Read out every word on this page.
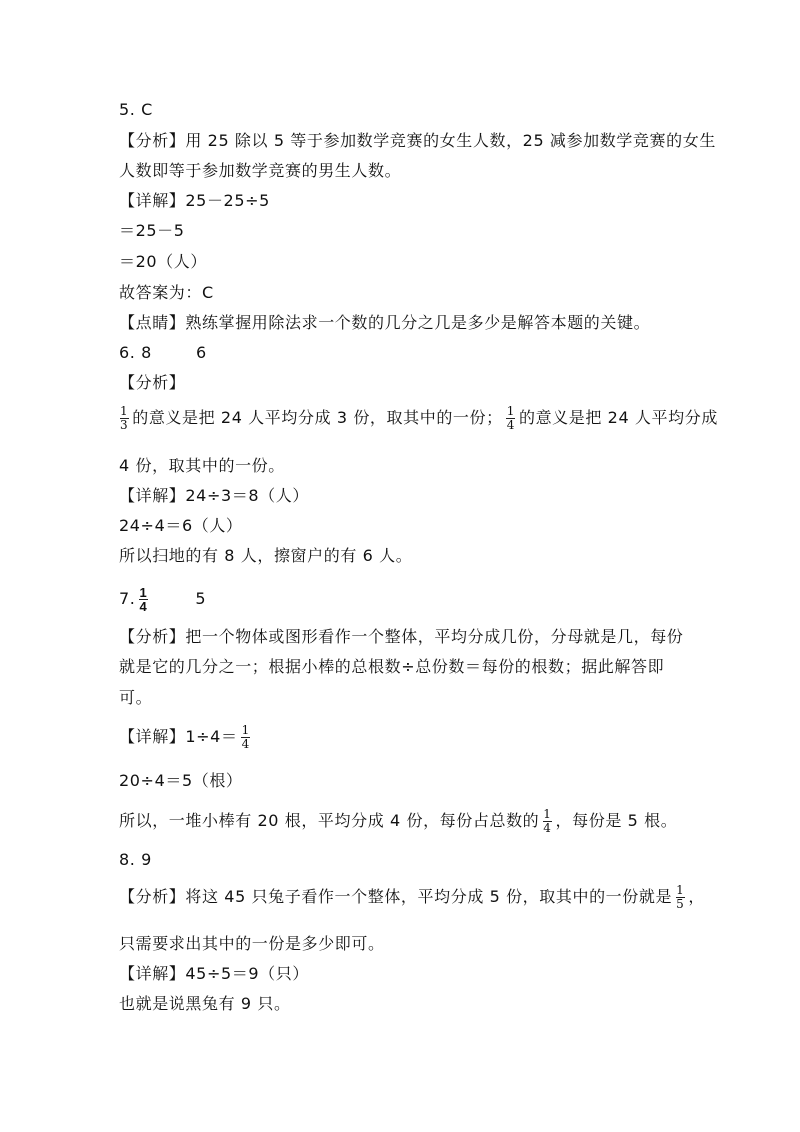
5. C
【分析】用 25 除以 5 等于参加数学竞赛的女生人数，25 减参加数学竞赛的女生
人数即等于参加数学竞赛的男生人数。
【详解】25－25÷5
＝25－5
＝20（人）
故答案为：C
【点睛】熟练掌握用除法求一个数的几分之几是多少是解答本题的关键。
6. 8	6
【分析】
$\frac{1}{3}$ 的意义是把 24 人平均分成 3 份，取其中的一份； $\frac{1}{4}$ 的意义是把 24 人平均分成
4 份，取其中的一份。
【详解】24÷3＝8（人）
24÷4＝6（人）
所以扫地的有 8 人，擦窗户的有 6 人。
7. $\frac{1}{4}$	5
【分析】把一个物体或图形看作一个整体，平均分成几份，分母就是几，每份
就是它的几分之一；根据小棒的总根数÷总份数＝每份的根数；据此解答即
可。
【详解】$1\div 4= \frac{1}{4}$
20÷4＝5（根）
所以，一堆小棒有 20 根，平均分成 4 份，每份占总数的 $\frac{1}{4}$ ，每份是 5 根。
8. 9
【分析】将这 45 只兔子看作一个整体，平均分成 5 份，取其中的一份就是 $\frac{1}{5}$ ，
只需要求出其中的一份是多少即可。
【详解】45÷5＝9（只）
也就是说黑兔有 9 只。
